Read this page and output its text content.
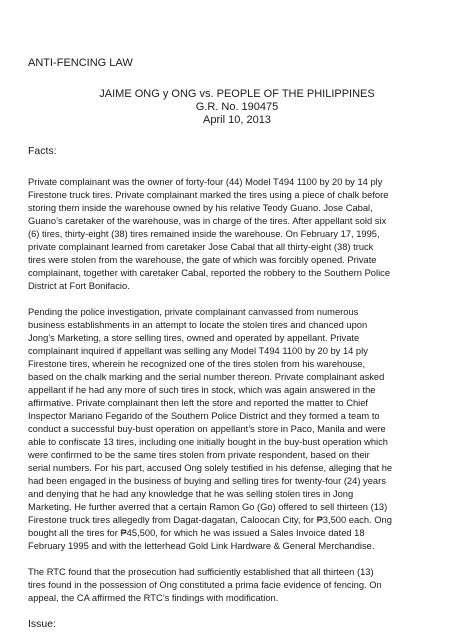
ANTI-FENCING LAW
JAIME ONG y ONG vs. PEOPLE OF THE PHILIPPINES
G.R. No. 190475
April 10, 2013
Facts:
Private complainant was the owner of forty-four (44) Model T494 1100 by 20 by 14 ply
Firestone truck tires. Private complainant marked the tires using a piece of chalk before
storing them inside the warehouse owned by his relative Teody Guano. Jose Cabal,
Guano’s caretaker of the warehouse, was in charge of the tires. After appellant sold six
(6) tires, thirty-eight (38) tires remained inside the warehouse. On February 17, 1995,
private complainant learned from caretaker Jose Cabal that all thirty-eight (38) truck
tires were stolen from the warehouse, the gate of which was forcibly opened. Private
complainant, together with caretaker Cabal, reported the robbery to the Southern Police
District at Fort Bonifacio.
Pending the police investigation, private complainant canvassed from numerous
business establishments in an attempt to locate the stolen tires and chanced upon
Jong’s Marketing, a store selling tires, owned and operated by appellant. Private
complainant inquired if appellant was selling any Model T494 1100 by 20 by 14 ply
Firestone tires, wherein he recognized one of the tires stolen from his warehouse,
based on the chalk marking and the serial number thereon. Private complainant asked
appellant if he had any more of such tires in stock, which was again answered in the
affirmative. Private complainant then left the store and reported the matter to Chief
Inspector Mariano Fegarido of the Southern Police District and they formed a team to
conduct a successful buy-bust operation on appellant’s store in Paco, Manila and were
able to confiscate 13 tires, including one initially bought in the buy-bust operation which
were confirmed to be the same tires stolen from private respondent, based on their
serial numbers. For his part, accused Ong solely testified in his defense, alleging that he
had been engaged in the business of buying and selling tires for twenty-four (24) years
and denying that he had any knowledge that he was selling stolen tires in Jong
Marketing. He further averred that a certain Ramon Go (Go) offered to sell thirteen (13)
Firestone truck tires allegedly from Dagat-dagatan, Caloocan City, for ₱3,500 each. Ong
bought all the tires for ₱45,500, for which he was issued a Sales Invoice dated 18
February 1995 and with the letterhead Gold Link Hardware & General Merchandise.
The RTC found that the prosecution had sufficiently established that all thirteen (13)
tires found in the possession of Ong constituted a prima facie evidence of fencing. On
appeal, the CA affirmed the RTC’s findings with modification.
Issue:
